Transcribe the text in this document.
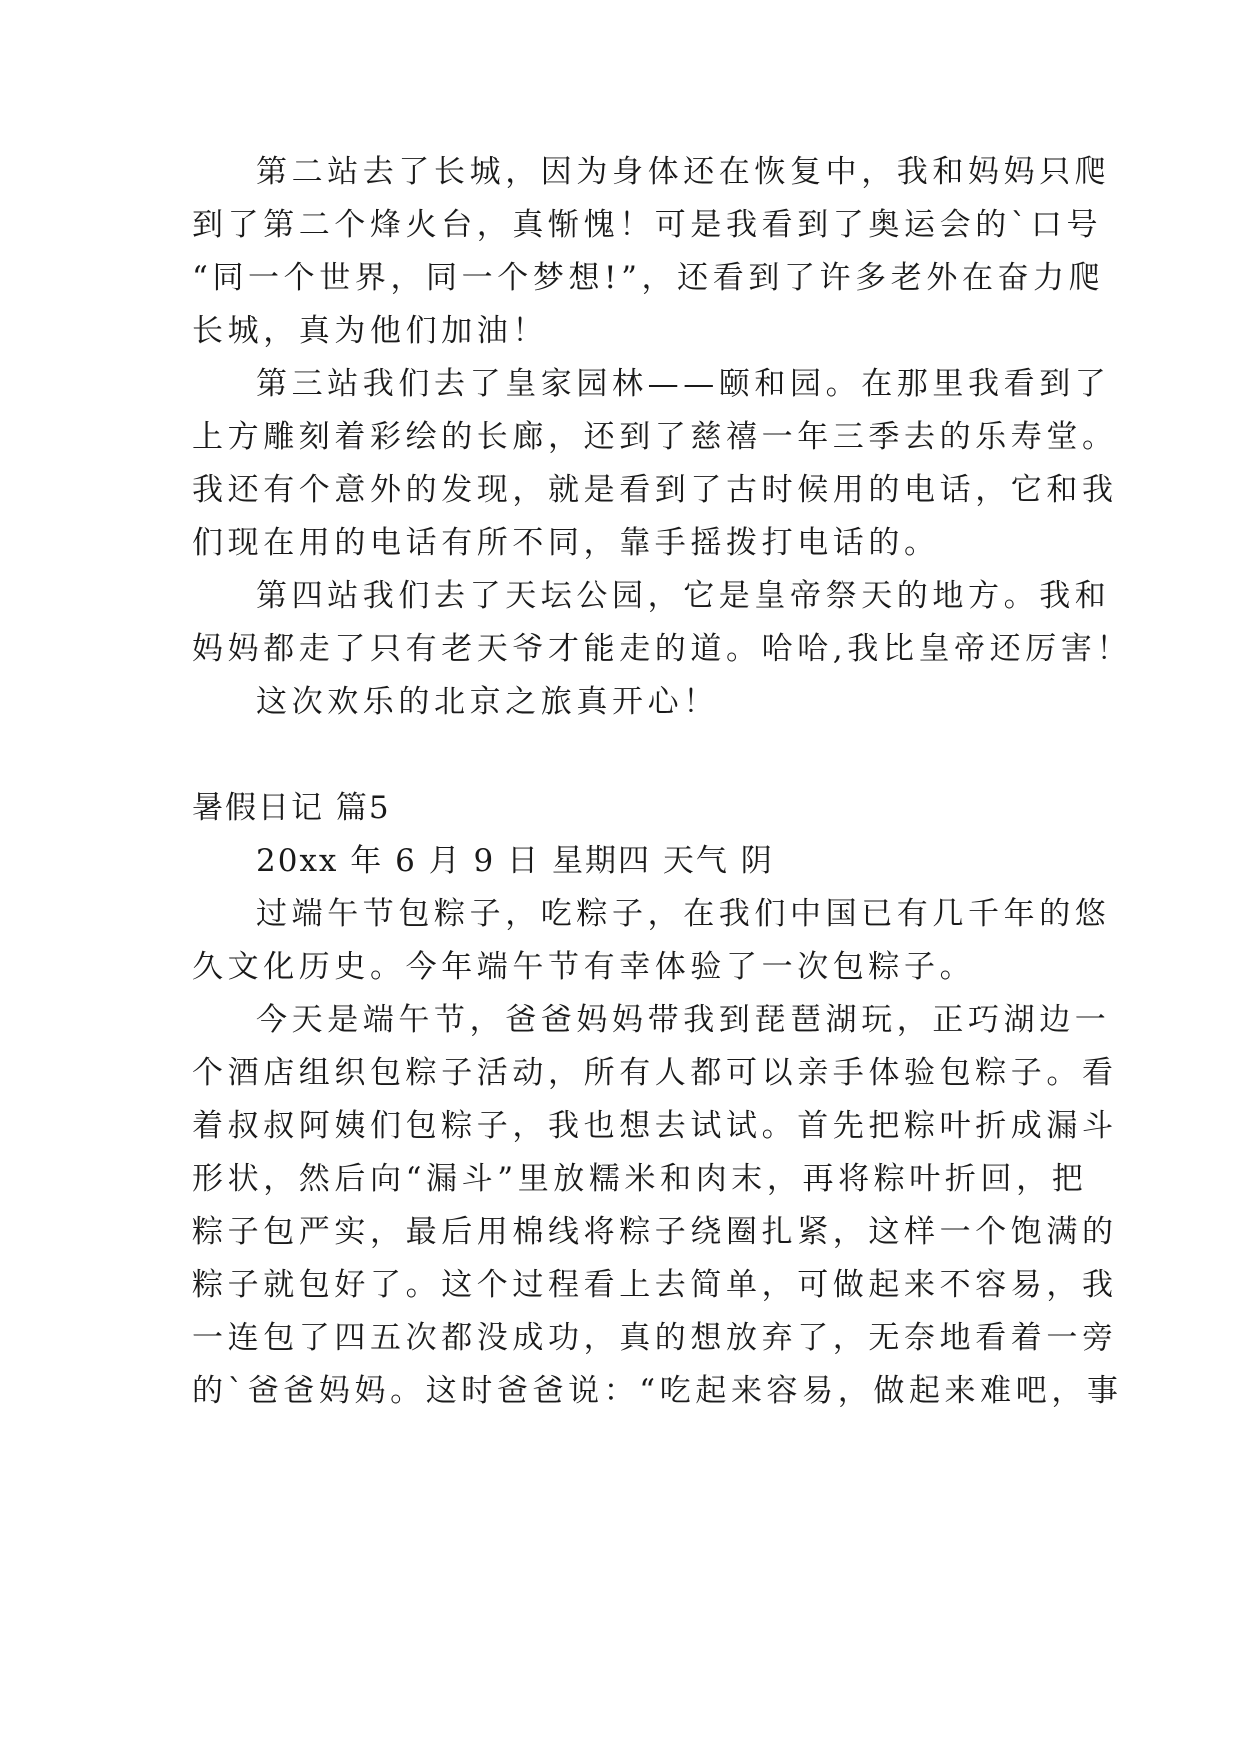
第二站去了长城，因为身体还在恢复中，我和妈妈只爬
到了第二个烽火台，真惭愧！可是我看到了奥运会的`口号
“同一个世界，同一个梦想!”，还看到了许多老外在奋力爬
长城，真为他们加油！
第三站我们去了皇家园林——颐和园。在那里我看到了
上方雕刻着彩绘的长廊，还到了慈禧一年三季去的乐寿堂。
我还有个意外的发现，就是看到了古时候用的电话，它和我
们现在用的电话有所不同，靠手摇拨打电话的。
第四站我们去了天坛公园，它是皇帝祭天的地方。我和
妈妈都走了只有老天爷才能走的道。哈哈,我比皇帝还厉害！
这次欢乐的北京之旅真开心！
暑假日记 篇5
20xx 年 6 月 9 日 星期四 天气 阴
过端午节包粽子，吃粽子，在我们中国已有几千年的悠
久文化历史。今年端午节有幸体验了一次包粽子。
今天是端午节，爸爸妈妈带我到琵琶湖玩，正巧湖边一
个酒店组织包粽子活动，所有人都可以亲手体验包粽子。看
着叔叔阿姨们包粽子，我也想去试试。首先把粽叶折成漏斗
形状，然后向“漏斗”里放糯米和肉末，再将粽叶折回，把
粽子包严实，最后用棉线将粽子绕圈扎紧，这样一个饱满的
粽子就包好了。这个过程看上去简单，可做起来不容易，我
一连包了四五次都没成功，真的想放弃了，无奈地看着一旁
的`爸爸妈妈。这时爸爸说：“吃起来容易，做起来难吧，事
